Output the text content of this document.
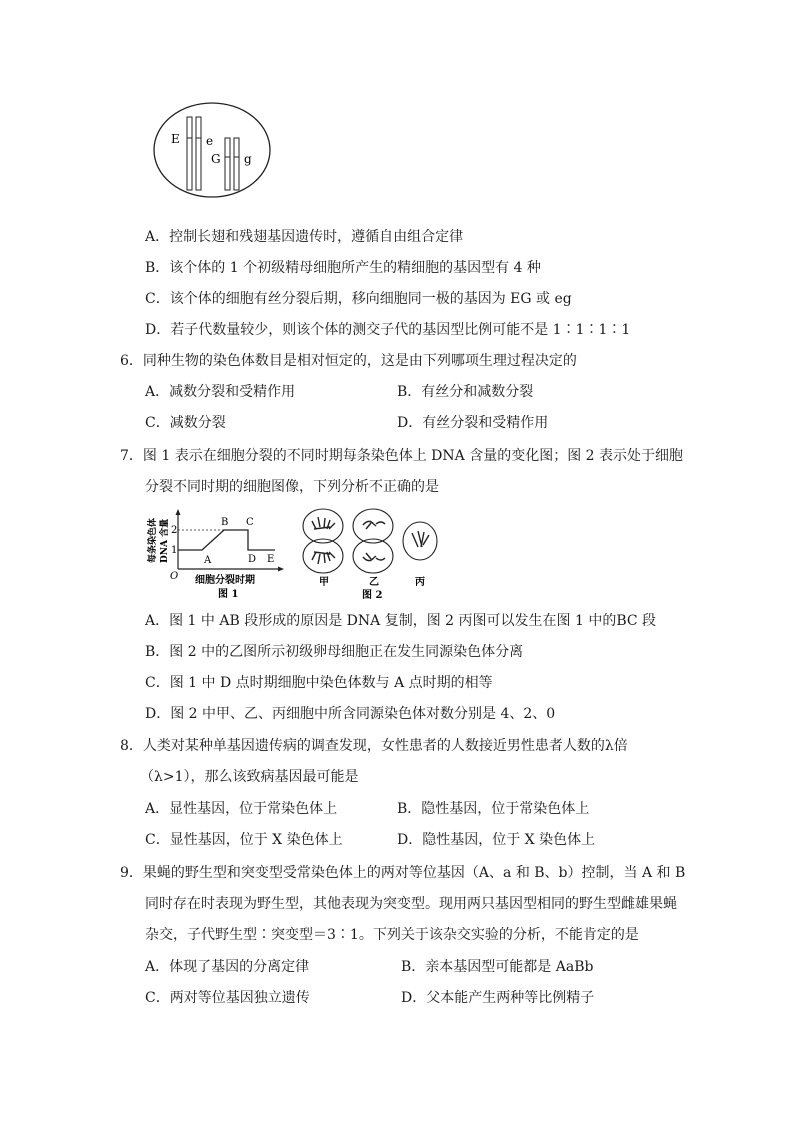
E e
G g
A．控制长翅和残翅基因遗传时，遵循自由组合定律
B．该个体的 1 个初级精母细胞所产生的精细胞的基因型有 4 种
C．该个体的细胞有丝分裂后期，移向细胞同一极的基因为 EG 或 eg
D．若子代数量较少，则该个体的测交子代的基因型比例可能不是 1∶1∶1∶1
6．同种生物的染色体数目是相对恒定的，这是由下列哪项生理过程决定的
A．减数分裂和受精作用	B．有丝分和减数分裂
C．减数分裂	D．有丝分裂和受精作用
7．图 1 表示在细胞分裂的不同时期每条染色体上 DNA 含量的变化图；图 2 表示处于细胞
分裂不同时期的细胞图像，下列分析不正确的是
每条染色体 DNA 含量 2
1
O
A
B C
D E
细胞分裂时期
图 1
甲	乙	丙
图 2
A．图 1 中 AB 段形成的原因是 DNA 复制，图 2 丙图可以发生在图 1 中的BC 段
B．图 2 中的乙图所示初级卵母细胞正在发生同源染色体分离
C．图 1 中 D 点时期细胞中染色体数与 A 点时期的相等
D．图 2 中甲、乙、丙细胞中所含同源染色体对数分别是 4、2、0
8．人类对某种单基因遗传病的调查发现，女性患者的人数接近男性患者人数的λ倍
（λ>1），那么该致病基因最可能是
A．显性基因，位于常染色体上	B．隐性基因，位于常染色体上
C．显性基因，位于 X 染色体上	D．隐性基因，位于 X 染色体上
9．果蝇的野生型和突变型受常染色体上的两对等位基因（A、a 和 B、b）控制，当 A 和 B
同时存在时表现为野生型，其他表现为突变型。现用两只基因型相同的野生型雌雄果蝇
杂交，子代野生型∶突变型＝3∶1。下列关于该杂交实验的分析，不能肯定的是
A．体现了基因的分离定律	B．亲本基因型可能都是 AaBb
C．两对等位基因独立遗传	D．父本能产生两种等比例精子
